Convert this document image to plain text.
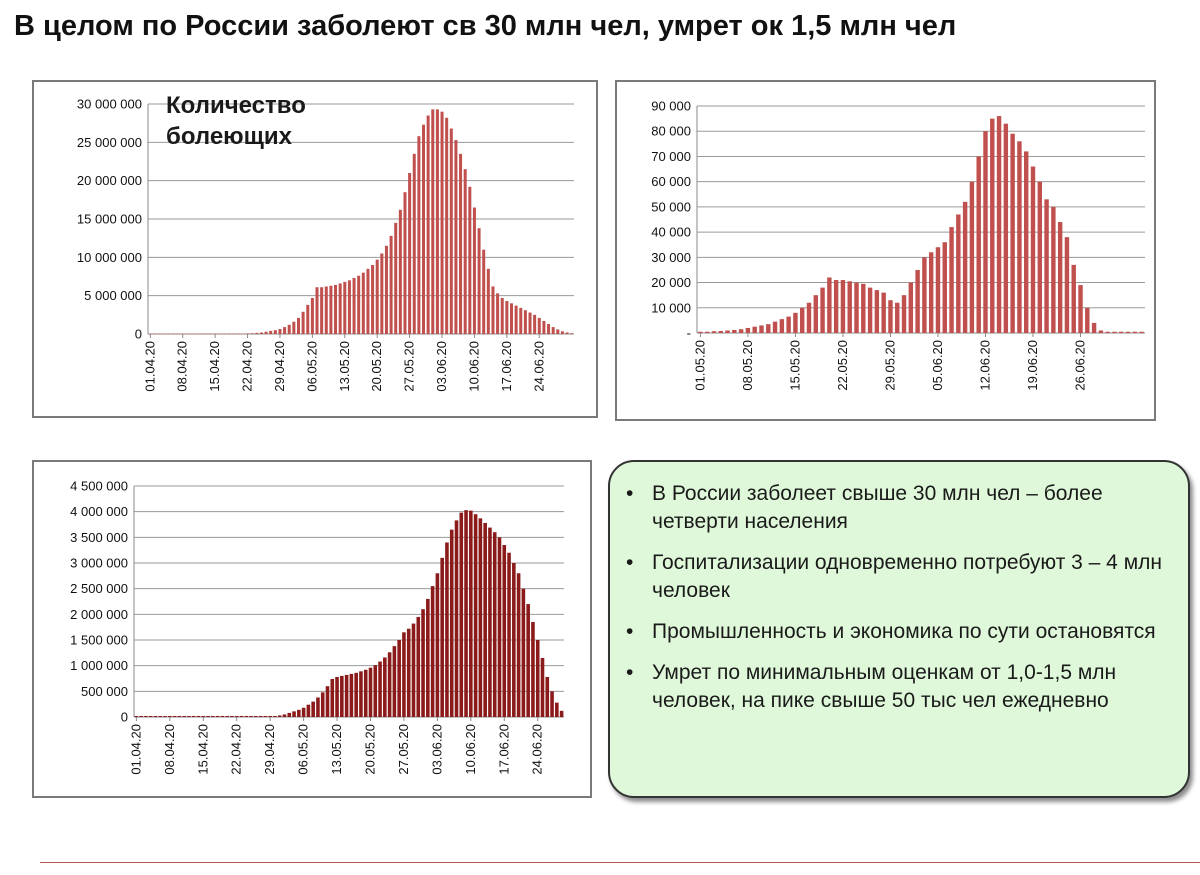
В целом по России заболеют св 30 млн чел, умрет ок 1,5 млн чел
0
5 000 000
10 000 000
15 000 000
20 000 000
25 000 000
30 000 000
01.04.20 08.04.20 15.04.20 22.04.20 29.04.20 06.05.20 13.05.20 20.05.20 27.05.20 03.06.20 10.06.20 17.06.20 24.06.20
Количество болеющих
-
10 000
20 000
30 000
40 000
50 000
60 000
70 000
80 000
90 000
01.05.20	08.05.20	15.05.20	22.05.20	29.05.20	05.06.20	12.06.20	19.06.20	26.06.20
0
500 000
1 000 000
1 500 000
2 000 000
2 500 000
3 000 000
3 500 000
4 000 000
4 500 000
01.04.20 08.04.20 15.04.20 22.04.20 29.04.20 06.05.20 13.05.20 20.05.20 27.05.20 03.06.20 10.06.20 17.06.20 24.06.20
• В России заболеет свыше 30 млн чел – более четверти населения
• Госпитализации одновременно потребуют 3 – 4 млн человек
• Промышленность и экономика по сути остановятся
• Умрет по минимальным оценкам от 1,0-1,5 млн человек, на пике свыше 50 тыс чел ежедневно
